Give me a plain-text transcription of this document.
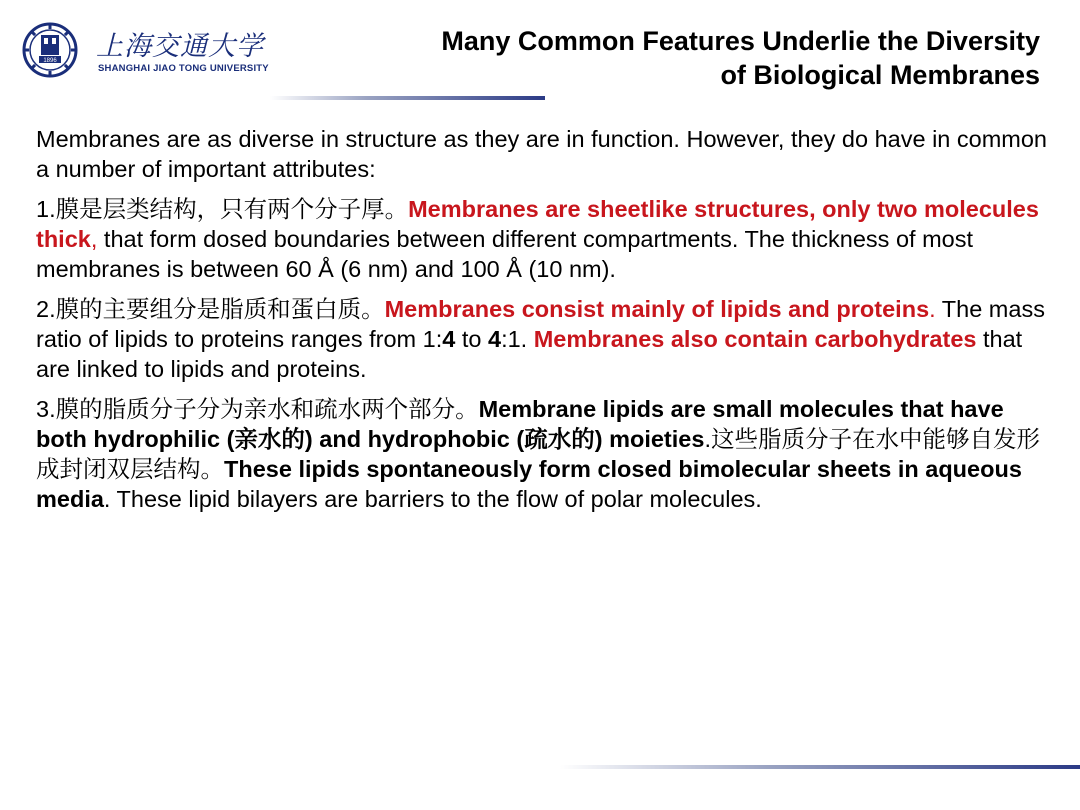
1896 上海交通大学
SHANGHAI JIAO TONG UNIVERSITY
Many Common Features Underlie the Diversity
of Biological Membranes

Membranes are as diverse in structure as they are in function. However, they do have in common a number of important attributes:

1.膜是层类结构，只有两个分子厚。Membranes are sheetlike structures, only two molecules thick, that form dosed boundaries between different compartments. The thickness of most membranes is between 60 Å (6 nm) and 100 Å (10 nm).

2.膜的主要组分是脂质和蛋白质。Membranes consist mainly of lipids and proteins. The mass ratio of lipids to proteins ranges from 1:4 to 4:1. Membranes also contain carbohydrates that are linked to lipids and proteins.

3.膜的脂质分子分为亲水和疏水两个部分。Membrane lipids are small molecules that have both hydrophilic (亲水的) and hydrophobic (疏水的) moieties.这些脂质分子在水中能够自发形成封闭双层结构。These lipids spontaneously form closed bimolecular sheets in aqueous media. These lipid bilayers are barriers to the flow of polar molecules.
